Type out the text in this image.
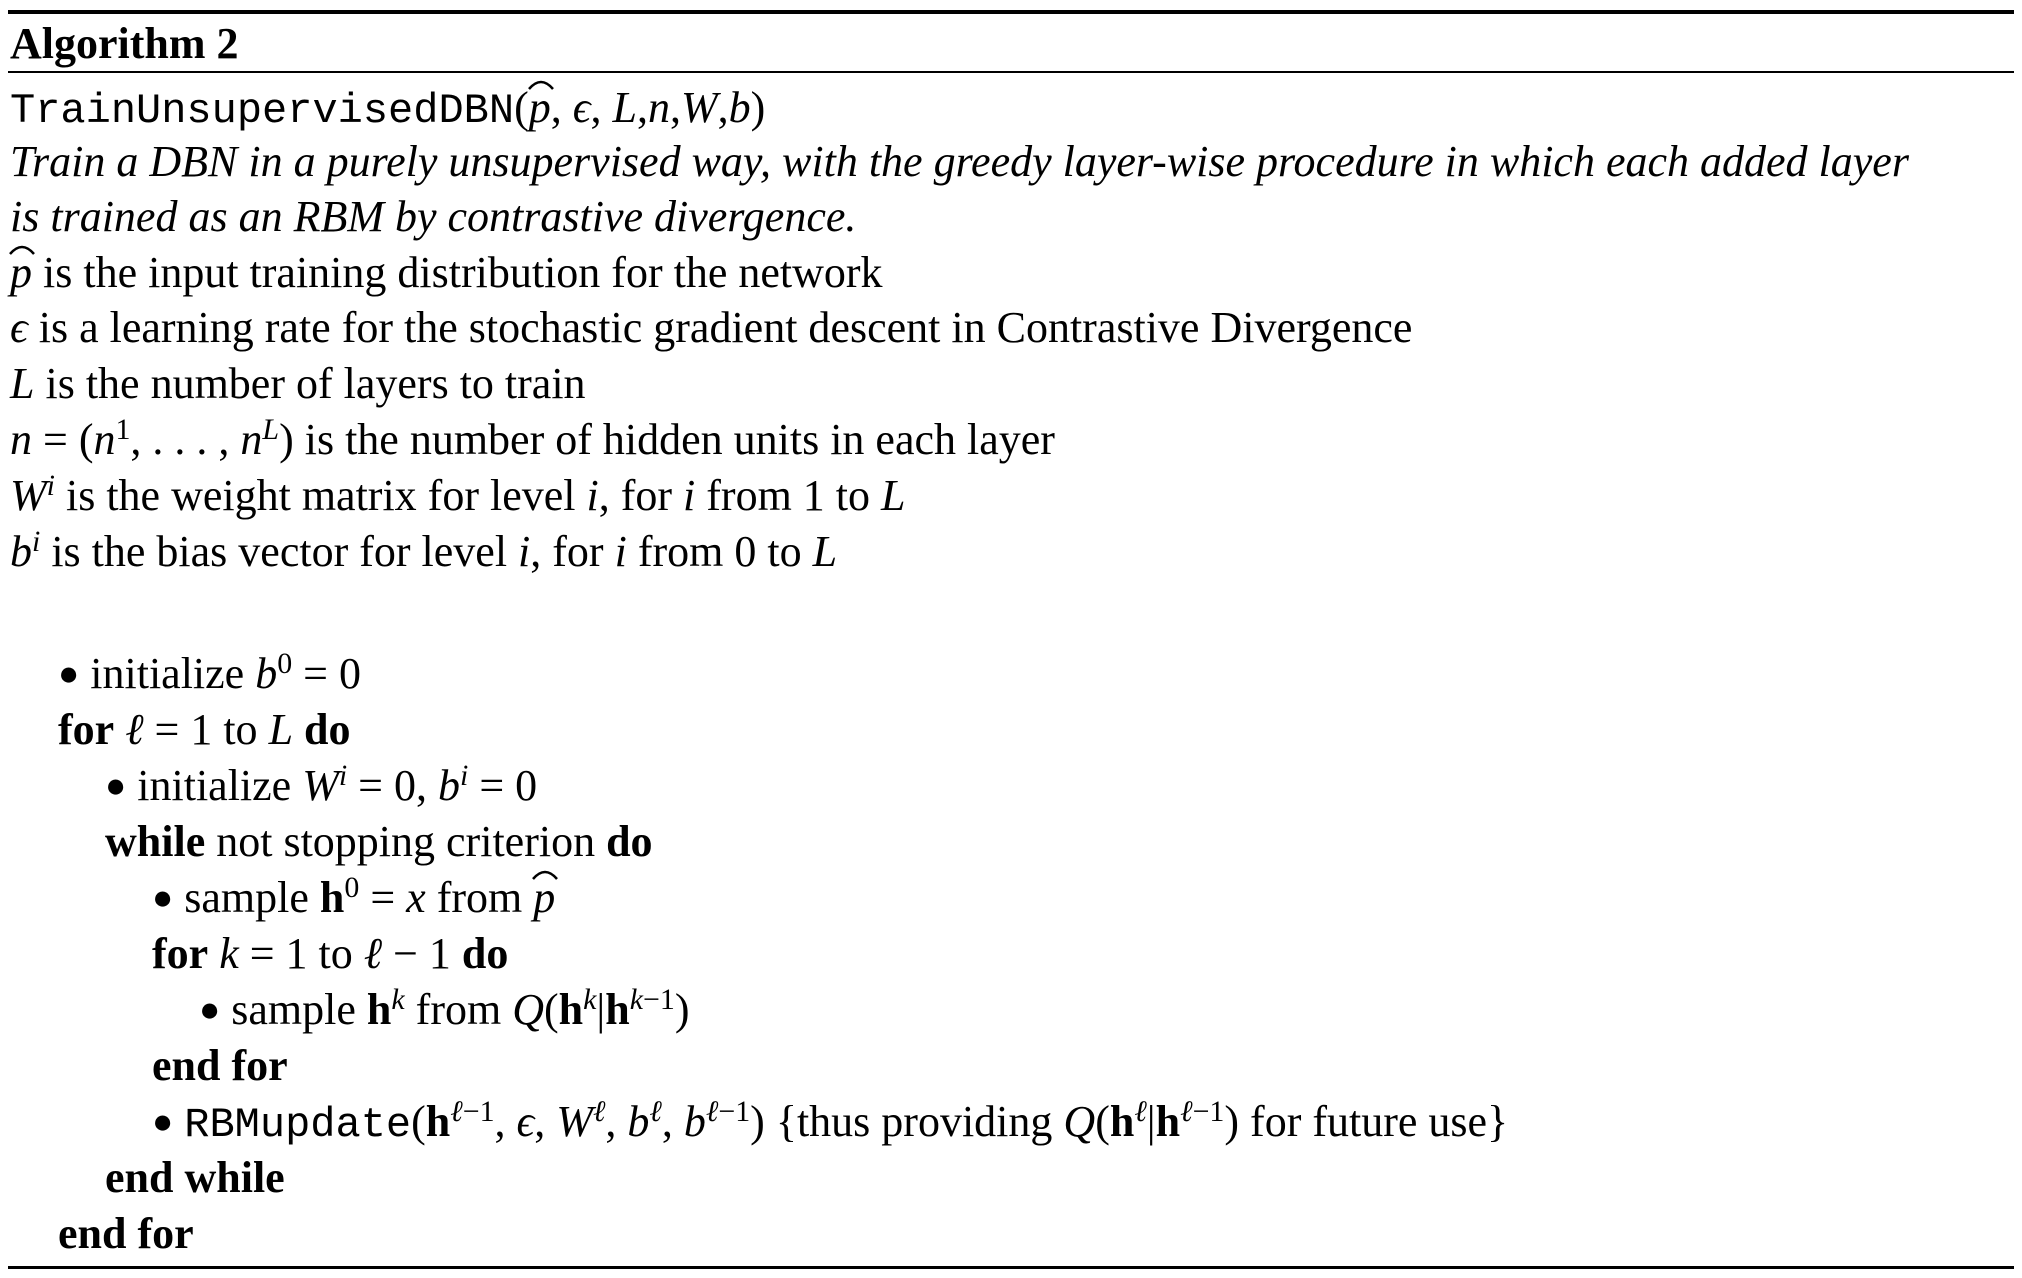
Algorithm 2
TrainUnsupervisedDBN(
p, ϵ, L,n,W,b)
Train a DBN in a purely unsupervised way, with the greedy layer-wise procedure in which each added layer
is trained as an RBM by contrastive divergence.
p is the input training distribution for the network
ϵ is a learning rate for the stochastic gradient descent in Contrastive Divergence
L is the number of layers to train
$n = (n^1$, . . . , $n^L$) is the number of hidden units in each layer
$W^i$ is the weight matrix for level i, for i from 1 to L
$b^i$ is the bias vector for level i, for i from 0 to L
● initialize $b^0 = 0$
for ℓ = 1 to L do
● initialize $W^i = 0$, $b^i = 0$
while not stopping criterion do
● sample $h^0 = x$ from
p
for k = 1 to ℓ − 1 do
● sample $h^k$ from $Q(h^k|h^{k-1})$
end for
● $RBMupdate(h^{\ell-1}$, ϵ, $W^\ell$, $b^\ell$, $b^{\ell-1}$) {thus providing $Q(h^\ell|h^{\ell-1})$ for future use}
end while
end for
